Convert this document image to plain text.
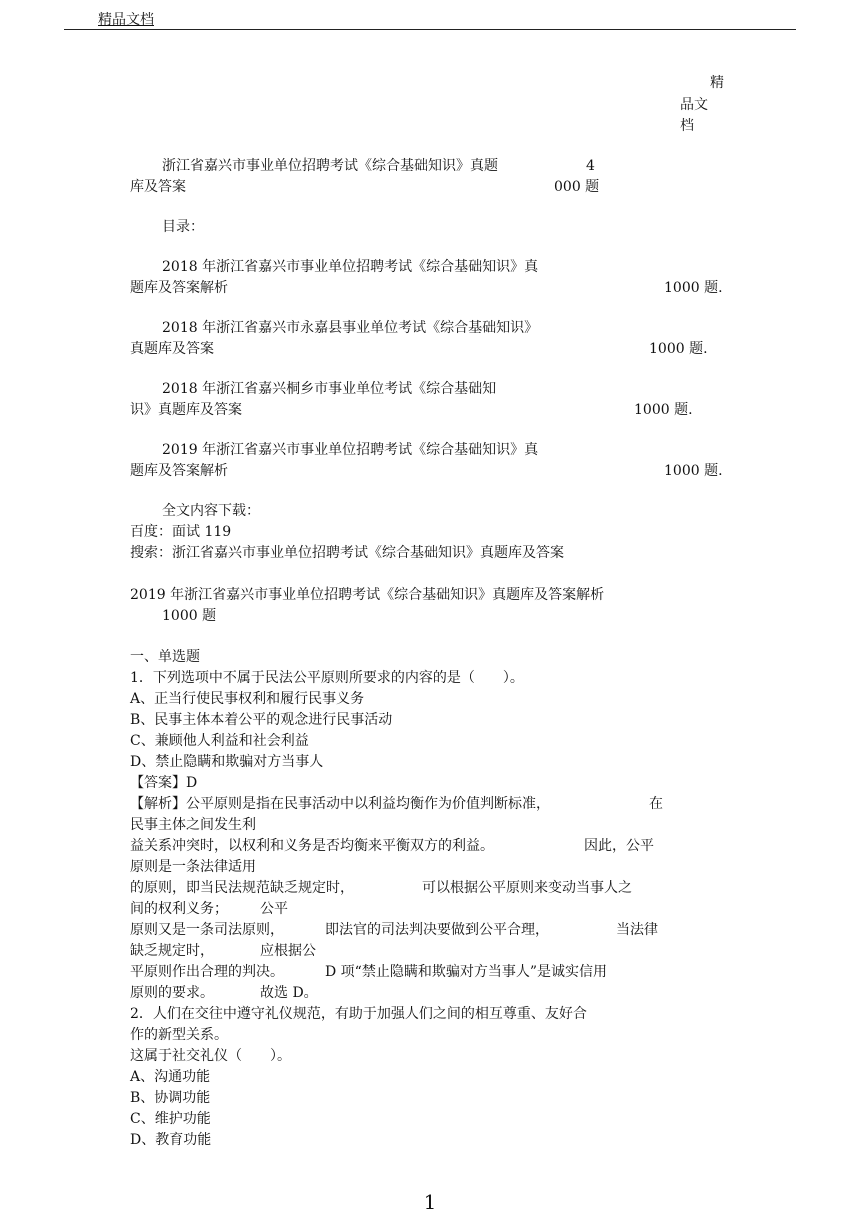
精品文档
精
品文
档
浙江省嘉兴市事业单位招聘考试《综合基础知识》真题	4
库及答案	000 题
目录：
2018 年浙江省嘉兴市事业单位招聘考试《综合基础知识》真
题库及答案解析	1000 题.
2018 年浙江省嘉兴市永嘉县事业单位考试《综合基础知识》
真题库及答案	1000 题.
2018 年浙江省嘉兴桐乡市事业单位考试《综合基础知
识》真题库及答案	1000 题.
2019 年浙江省嘉兴市事业单位招聘考试《综合基础知识》真
题库及答案解析	1000 题.
全文内容下载：
百度：面试 119
搜索：浙江省嘉兴市事业单位招聘考试《综合基础知识》真题库及答案
2019 年浙江省嘉兴市事业单位招聘考试《综合基础知识》真题库及答案解析
1000 题
一、单选题
1．下列选项中不属于民法公平原则所要求的内容的是（　　）。
A、正当行使民事权利和履行民事义务
B、民事主体本着公平的观念进行民事活动
C、兼顾他人利益和社会利益
D、禁止隐瞒和欺骗对方当事人
【答案】D
【解析】公平原则是指在民事活动中以利益均衡作为价值判断标准，	在
民事主体之间发生利
益关系冲突时，以权利和义务是否均衡来平衡双方的利益。	因此，公平
原则是一条法律适用
的原则，即当民法规范缺乏规定时，	可以根据公平原则来变动当事人之
间的权利义务； 公平
原则又是一条司法原则，	即法官的司法判决要做到公平合理，	当法律
缺乏规定时，	应根据公
平原则作出合理的判决。	D 项“禁止隐瞒和欺骗对方当事人”是诚实信用
原则的要求。	故选 D。
2．人们在交往中遵守礼仪规范，有助于加强人们之间的相互尊重、友好合
作的新型关系。
这属于社交礼仪（　　）。
A、沟通功能
B、协调功能
C、维护功能
D、教育功能
1
